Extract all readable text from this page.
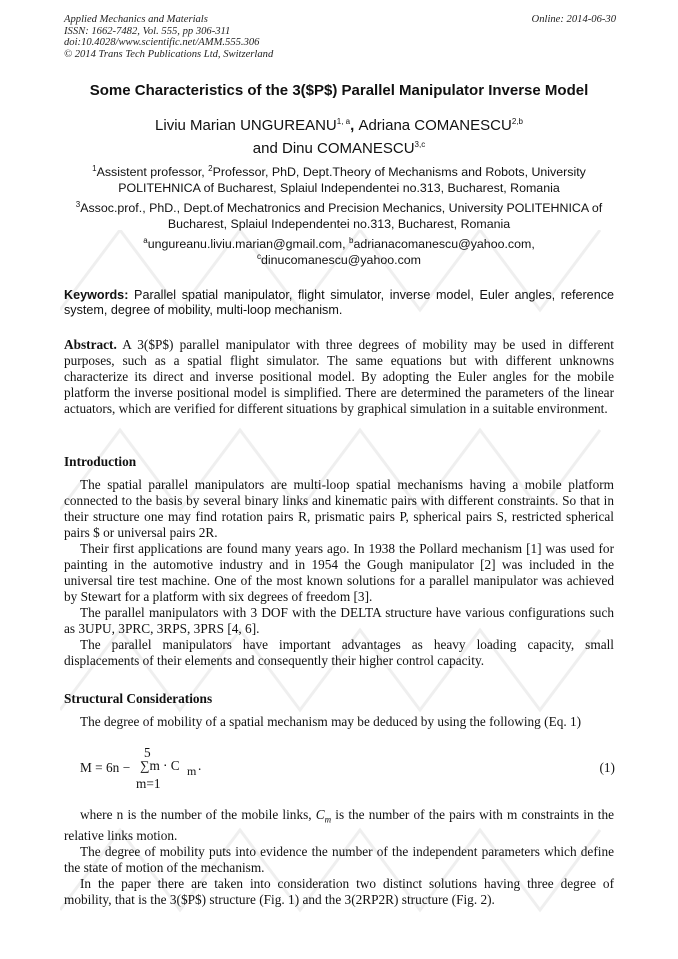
Applied Mechanics and Materials
ISSN: 1662-7482, Vol. 555, pp 306-311
doi:10.4028/www.scientific.net/AMM.555.306
© 2014 Trans Tech Publications Ltd, Switzerland
Online: 2014-06-30
Some Characteristics of the 3($P$) Parallel Manipulator Inverse Model
Liviu Marian UNGUREANU$^{1, a}$, Adriana COMANESCU$^{2,b}$
and Dinu COMANESCU$^{3,c}$
$^1$Assistent professor, $^2$Professor, PhD, Dept.Theory of Mechanisms and Robots, University POLITEHNICA of Bucharest, Splaiul Independentei no.313, Bucharest, Romania
$^3$Assoc.prof., PhD., Dept.of Mechatronics and Precision Mechanics, University POLITEHNICA of Bucharest, Splaiul Independentei no.313, Bucharest, Romania
$^a$ungureanu.liviu.marian@gmail.com, $^b$adrianacomanescu@yahoo.com,
$^c$dinucomanescu@yahoo.com
Keywords: Parallel spatial manipulator, flight simulator, inverse model, Euler angles, reference system, degree of mobility, multi-loop mechanism.
Abstract. A 3($P$) parallel manipulator with three degrees of mobility may be used in different purposes, such as a spatial flight simulator. The same equations but with different unknowns characterize its direct and inverse positional model. By adopting the Euler angles for the mobile platform the inverse positional model is simplified. There are determined the parameters of the linear actuators, which are verified for different situations by graphical simulation in a suitable environment.
Introduction
The spatial parallel manipulators are multi-loop spatial mechanisms having a mobile platform connected to the basis by several binary links and kinematic pairs with different constraints. So that in their structure one may find rotation pairs R, prismatic pairs P, spherical pairs S, restricted spherical pairs $ or universal pairs 2R.
Their first applications are found many years ago. In 1938 the Pollard mechanism [1] was used for painting in the automotive industry and in 1954 the Gough manipulator [2] was included in the universal tire test machine. One of the most known solutions for a parallel manipulator was achieved by Stewart for a platform with six degrees of freedom [3].
The parallel manipulators with 3 DOF with the DELTA structure have various configurations such as 3UPU, 3PRC, 3RPS, 3PRS [4, 6].
The parallel manipulators have important advantages as heavy loading capacity, small displacements of their elements and consequently their higher control capacity.
Structural Considerations
The degree of mobility of a spatial mechanism may be deduced by using the following (Eq. 1)
M = 6n −
5
∑m ⋅ C m .
m=1
(1)
where n is the number of the mobile links, $C_m$ is the number of the pairs with m constraints in the relative links motion.
The degree of mobility puts into evidence the number of the independent parameters which define the state of motion of the mechanism.
In the paper there are taken into consideration two distinct solutions having three degree of mobility, that is the 3($P$) structure (Fig. 1) and the 3(2RP2R) structure (Fig. 2).
